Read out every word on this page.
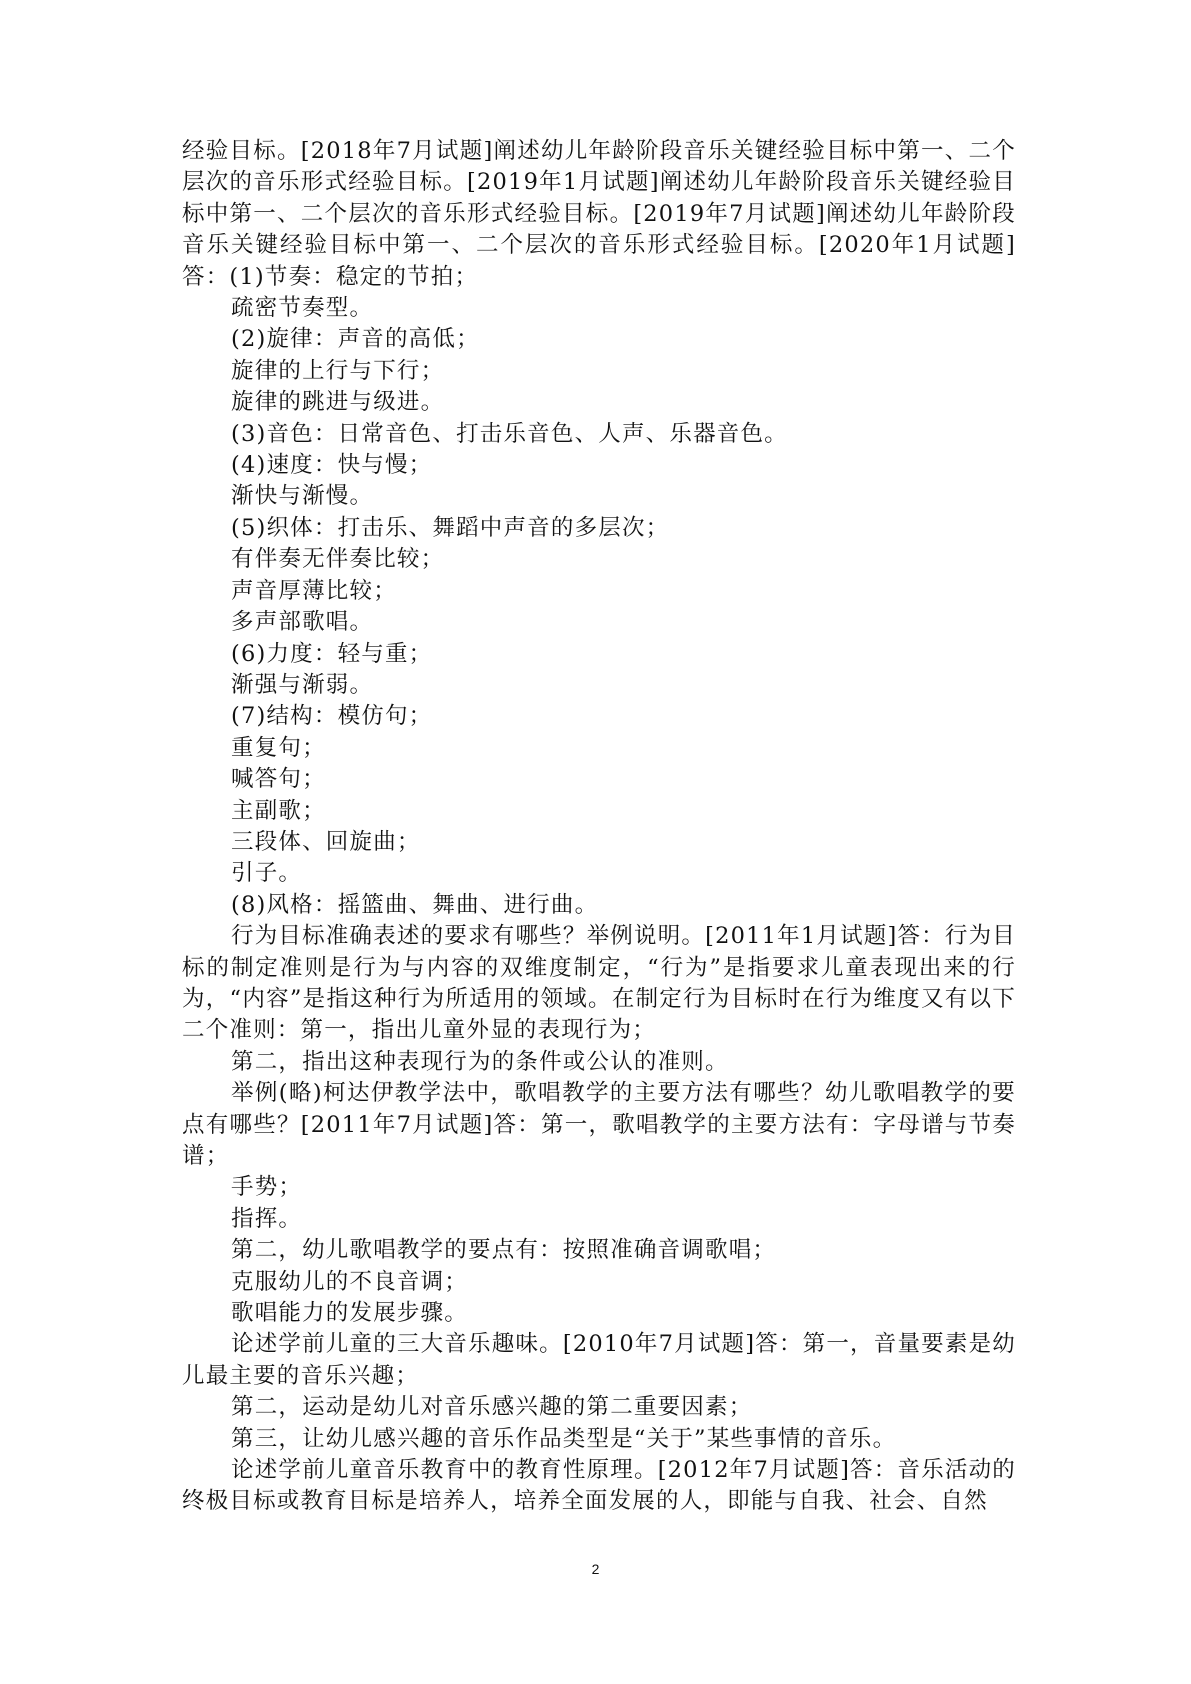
经验目标。[2018年7月试题]阐述幼儿年龄阶段音乐关键经验目标中第一、二个层次的音乐形式经验目标。[2019年1月试题]阐述幼儿年龄阶段音乐关键经验目标中第一、二个层次的音乐形式经验目标。[2019年7月试题]阐述幼儿年龄阶段音乐关键经验目标中第一、二个层次的音乐形式经验目标。[2020年1月试题]答：(1)节奏：稳定的节拍；

疏密节奏型。

(2)旋律：声音的高低；

旋律的上行与下行；

旋律的跳进与级进。

(3)音色：日常音色、打击乐音色、人声、乐器音色。

(4)速度：快与慢；

渐快与渐慢。

(5)织体：打击乐、舞蹈中声音的多层次；

有伴奏无伴奏比较；

声音厚薄比较；

多声部歌唱。

(6)力度：轻与重；

渐强与渐弱。

(7)结构：模仿句；

重复句；

喊答句；

主副歌；

三段体、回旋曲；

引子。

(8)风格：摇篮曲、舞曲、进行曲。

行为目标准确表述的要求有哪些？举例说明。[2011年1月试题]答：行为目标的制定准则是行为与内容的双维度制定，“行为”是指要求儿童表现出来的行为，“内容”是指这种行为所适用的领域。在制定行为目标时在行为维度又有以下二个准则：第一，指出儿童外显的表现行为；

第二，指出这种表现行为的条件或公认的准则。

举例(略)柯达伊教学法中，歌唱教学的主要方法有哪些？幼儿歌唱教学的要点有哪些？[2011年7月试题]答：第一，歌唱教学的主要方法有：字母谱与节奏谱；

手势；

指挥。

第二，幼儿歌唱教学的要点有：按照准确音调歌唱；

克服幼儿的不良音调；

歌唱能力的发展步骤。

论述学前儿童的三大音乐趣味。[2010年7月试题]答：第一，音量要素是幼儿最主要的音乐兴趣；

第二，运动是幼儿对音乐感兴趣的第二重要因素；

第三，让幼儿感兴趣的音乐作品类型是“关于”某些事情的音乐。

论述学前儿童音乐教育中的教育性原理。[2012年7月试题]答：音乐活动的终极目标或教育目标是培养人，培养全面发展的人，即能与自我、社会、自然

2
